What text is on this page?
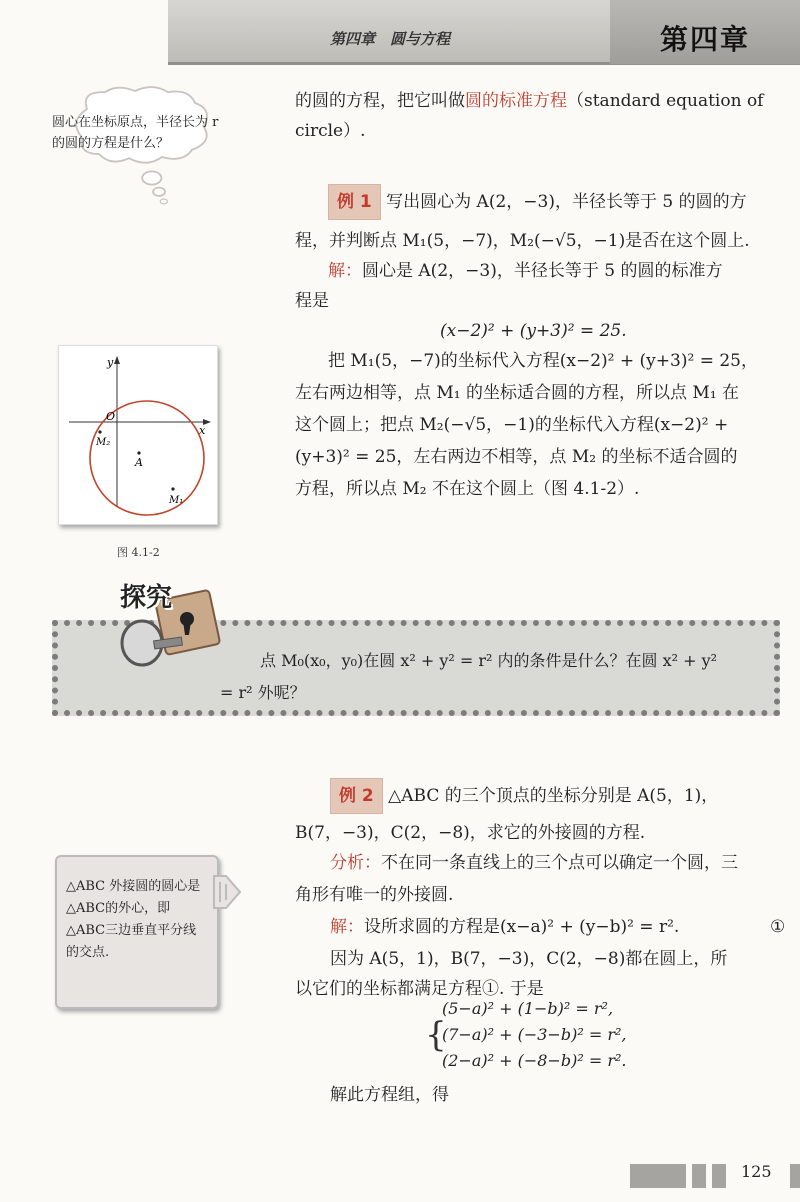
第四章　圆与方程	第四章
圆心在坐标原点，半径长为 r 的圆的方程是什么？
的圆的方程，把它叫做圆的标准方程（standard equation of circle）.
例 1 写出圆心为 A(2，−3)，半径长等于 5 的圆的方
程，并判断点 M₁(5，−7)，M₂(−√5，−1)是否在这个圆上.
解：圆心是 A(2，−3)，半径长等于 5 的圆的标准方
程是
(x−2)² + (y+3)² = 25.
把 M₁(5，−7)的坐标代入方程(x−2)² + (y+3)² = 25，
左右两边相等，点 M₁ 的坐标适合圆的方程，所以点 M₁ 在
这个圆上；把点 M₂(−√5，−1)的坐标代入方程(x−2)² +
(y+3)² = 25，左右两边不相等，点 M₂ 的坐标不适合圆的
方程，所以点 M₂ 不在这个圆上（图 4.1-2）.
y
x
O
M₂
A
M₁
图 4.1-2
探究
点 M₀(x₀，y₀)在圆 x² + y² = r² 内的条件是什么？在圆 x² + y²
= r² 外呢？
例 2 △ABC 的三个顶点的坐标分别是 A(5，1)，
B(7，−3)，C(2，−8)，求它的外接圆的方程.
分析：不在同一条直线上的三个点可以确定一个圆，三
角形有唯一的外接圆.
解：设所求圆的方程是(x−a)² + (y−b)² = r².	①
因为 A(5，1)，B(7，−3)，C(2，−8)都在圆上，所
以它们的坐标都满足方程①. 于是
{
(5−a)² + (1−b)² = r²,
(7−a)² + (−3−b)² = r²,
(2−a)² + (−8−b)² = r².
解此方程组，得
△ABC 外接圆的圆心是△ABC的外心，即△ABC三边垂直平分线的交点.
125
